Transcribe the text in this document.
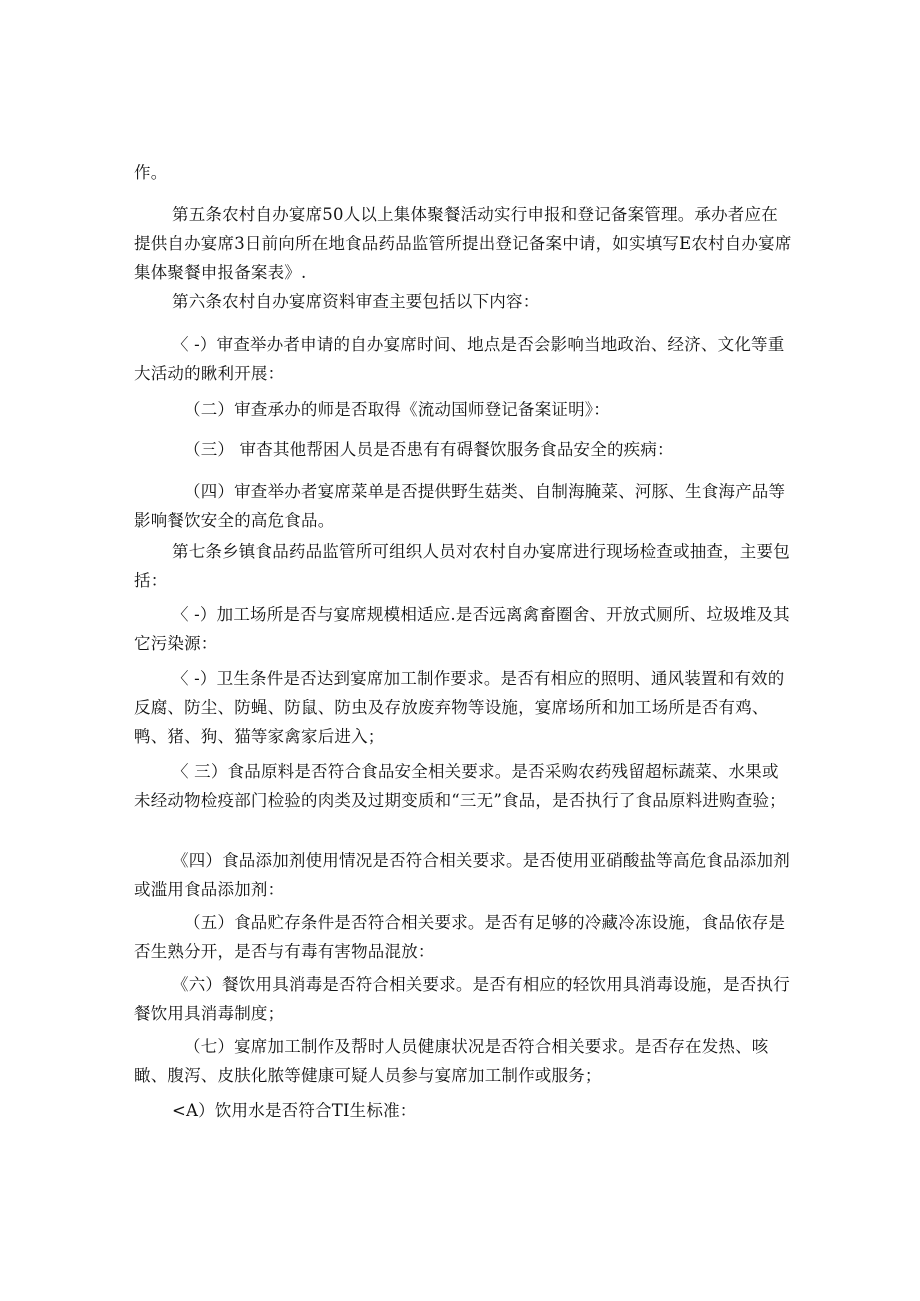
作。

第五条农村自办宴席50人以上集体聚餐活动实行申报和登记备案管理。承办者应在提供自办宴席3日前向所在地食品药品监管所提出登记备案中请，如实填写E农村自办宴席集体聚餐申报备案表》.

第六条农村自办宴席资料审查主要包括以下内容：

〈 -）审查举办者申请的自办宴席时间、地点是否会影响当地政治、经济、文化等重大活动的瞅利开展：

（二）审查承办的师是否取得《流动国师登记备案证明》：

（三） 审杳其他帮困人员是否患有有碍餐饮服务食品安全的疾病：

（四）审查举办者宴席菜单是否提供野生菇类、自制海腌菜、河豚、生食海产品等影响餐饮安全的高危食品。

第七条乡镇食品药品监管所可组织人员对农村自办宴席进行现场检查或抽查，主要包括：

〈 -）加工场所是否与宴席规模相适应.是否远离禽畜圈舍、开放式厕所、垃圾堆及其它污染源：

〈 -）卫生条件是否达到宴席加工制作要求。是否有相应的照明、通风装置和有效的反腐、防尘、防蝇、防鼠、防虫及存放废弃物等设施，宴席场所和加工场所是否有鸡、鸭、猪、狗、猫等家禽家后进入；

〈 三）食品原料是否符合食品安全相关要求。是否采购农药残留超标蔬菜、水果或未经动物检疫部门检验的肉类及过期变质和“三无”食品，是否执行了食品原料进购查验；

《四）食品添加剂使用情况是否符合相关要求。是否使用亚硝酸盐等高危食品添加剂或滥用食品添加剂：

（五）食品贮存条件是否符合相关要求。是否有足够的冷藏冷冻设施，食品依存是否生熟分开，是否与有毒有害物品混放：

《六）餐饮用具消毒是否符合相关要求。是否有相应的轻饮用具消毒设施，是否执行餐饮用具消毒制度；

（七）宴席加工制作及帮时人员健康状况是否符合相关要求。是否存在发热、咳瞰、腹泻、皮肤化脓等健康可疑人员参与宴席加工制作或服务；

<A）饮用水是否符合TI生标准：
